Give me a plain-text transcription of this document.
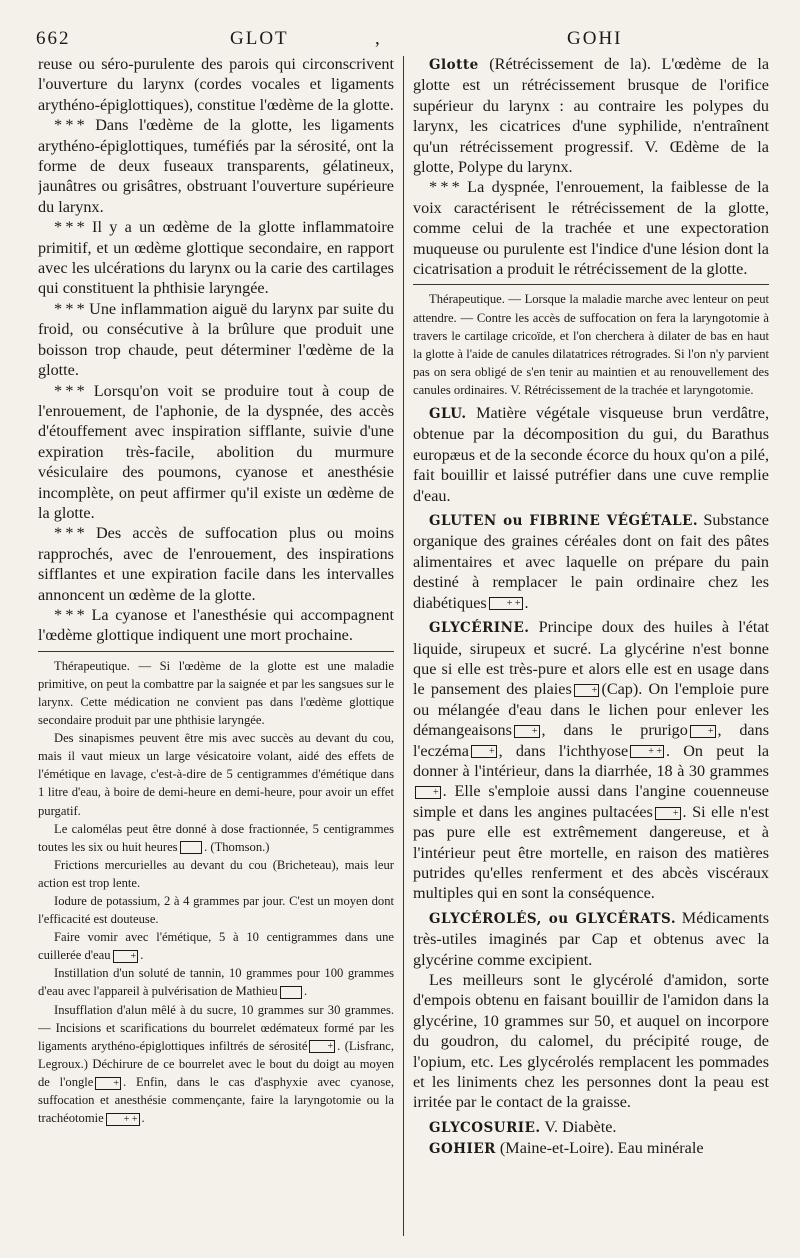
662	GLOT	,	GOHI

reuse ou séro-purulente des parois qui circonscrivent l'ouverture du larynx (cordes vocales et ligaments arythéno-épiglottiques), constitue l'œdème de la glotte.

* * * Dans l'œdème de la glotte, les ligaments arythéno-épiglottiques, tuméfiés par la sérosité, ont la forme de deux fuseaux transparents, gélatineux, jaunâtres ou grisâtres, obstruant l'ouverture supérieure du larynx.

* * * Il y a un œdème de la glotte inflammatoire primitif, et un œdème glottique secondaire, en rapport avec les ulcérations du larynx ou la carie des cartilages qui constituent la phthisie laryngée.

* * * Une inflammation aiguë du larynx par suite du froid, ou consécutive à la brûlure que produit une boisson trop chaude, peut déterminer l'œdème de la glotte.

* * * Lorsqu'on voit se produire tout à coup de l'enrouement, de l'aphonie, de la dyspnée, des accès d'étouffement avec inspiration sifflante, suivie d'une expiration très-facile, abolition du murmure vésiculaire des poumons, cyanose et anesthésie incomplète, on peut affirmer qu'il existe un œdème de la glotte.

* * * Des accès de suffocation plus ou moins rapprochés, avec de l'enrouement, des inspirations sifflantes et une expiration facile dans les intervalles annoncent un œdème de la glotte.

* * * La cyanose et l'anesthésie qui accompagnent l'œdème glottique indiquent une mort prochaine.

Thérapeutique. — Si l'œdème de la glotte est une maladie primitive, on peut la combattre par la saignée et par les sangsues sur le larynx. Cette médication ne convient pas dans l'œdème glottique secondaire produit par une phthisie laryngée.

Des sinapismes peuvent être mis avec succès au devant du cou, mais il vaut mieux un large vésicatoire volant, aidé des effets de l'émétique en lavage, c'est-à-dire de 5 centigrammes d'émétique dans 1 litre d'eau, à boire de demi-heure en demi-heure, pour avoir un effet purgatif.

Le calomélas peut être donné à dose fractionnée, 5 centigrammes toutes les six ou huit heures . (Thomson.)

Frictions mercurielles au devant du cou (Bricheteau), mais leur action est trop lente.

Iodure de potassium, 2 à 4 grammes par jour. C'est un moyen dont l'efficacité est douteuse.

Faire vomir avec l'émétique, 5 à 10 centigrammes dans une cuillerée d'eau + .

Instillation d'un soluté de tannin, 10 grammes pour 100 grammes d'eau avec l'appareil à pulvérisation de Mathieu .

Insufflation d'alun mêlé à du sucre, 10 grammes sur 30 grammes. — Incisions et scarifications du bourrelet œdémateux formé par les ligaments arythéno-épiglottiques infiltrés de sérosité + . (Lisfranc, Legroux.) Déchirure de ce bourrelet avec le bout du doigt au moyen de l'ongle + . Enfin, dans le cas d'asphyxie avec cyanose, suffocation et anesthésie commençante, faire la laryngotomie ou la trachéotomie + + .

Glotte (Rétrécissement de la). L'œdème de la glotte est un rétrécissement brusque de l'orifice supérieur du larynx : au contraire les polypes du larynx, les cicatrices d'une syphilide, n'entraînent qu'un rétrécissement progressif. V. Œdème de la glotte, Polype du larynx.

* * * La dyspnée, l'enrouement, la faiblesse de la voix caractérisent le rétrécissement de la glotte, comme celui de la trachée et une expectoration muqueuse ou purulente est l'indice d'une lésion dont la cicatrisation a produit le rétrécissement de la glotte.

Thérapeutique. — Lorsque la maladie marche avec lenteur on peut attendre. — Contre les accès de suffocation on fera la laryngotomie à travers le cartilage cricoïde, et l'on cherchera à dilater de bas en haut la glotte à l'aide de canules dilatatrices rétrogrades. Si l'on n'y parvient pas on sera obligé de s'en tenir au maintien et au renouvellement des canules ordinaires. V. Rétrécissement de la trachée et laryngotomie.

GLU. Matière végétale visqueuse brun verdâtre, obtenue par la décomposition du gui, du Barathus europæus et de la seconde écorce du houx qu'on a pilé, fait bouillir et laissé putréfier dans une cuve remplie d'eau.

GLUTEN ou FIBRINE VÉGÉTALE. Substance organique des graines céréales dont on fait des pâtes alimentaires et avec laquelle on prépare du pain destiné à remplacer le pain ordinaire chez les diabétiques + + .

GLYCÉRINE. Principe doux des huiles à l'état liquide, sirupeux et sucré. La glycérine n'est bonne que si elle est très-pure et alors elle est en usage dans le pansement des plaies + (Cap). On l'emploie pure ou mélangée d'eau dans le lichen pour enlever les démangeaisons + , dans le prurigo + , dans l'eczéma + , dans l'ichthyose + + . On peut la donner à l'intérieur, dans la diarrhée, 18 à 30 grammes+ . Elle s'emploie aussi dans l'angine couenneuse simple et dans les angines pultacées + . Si elle n'est pas pure elle est extrêmement dangereuse, et à l'intérieur peut être mortelle, en raison des matières putrides qu'elles renferment et des abcès viscéraux multiples qui en sont la conséquence.

GLYCÉROLÉS, ou GLYCÉRATS. Médicaments très-utiles imaginés par Cap et obtenus avec la glycérine comme excipient.

Les meilleurs sont le glycérolé d'amidon, sorte d'empois obtenu en faisant bouillir de l'amidon dans la glycérine, 10 grammes sur 50, et auquel on incorpore du goudron, du calomel, du précipité rouge, de l'opium, etc. Les glycérolés remplacent les pommades et les liniments chez les personnes dont la peau est irritée par le contact de la graisse.

GLYCOSURIE. V. Diabète.

GOHIER (Maine-et-Loire). Eau minérale
